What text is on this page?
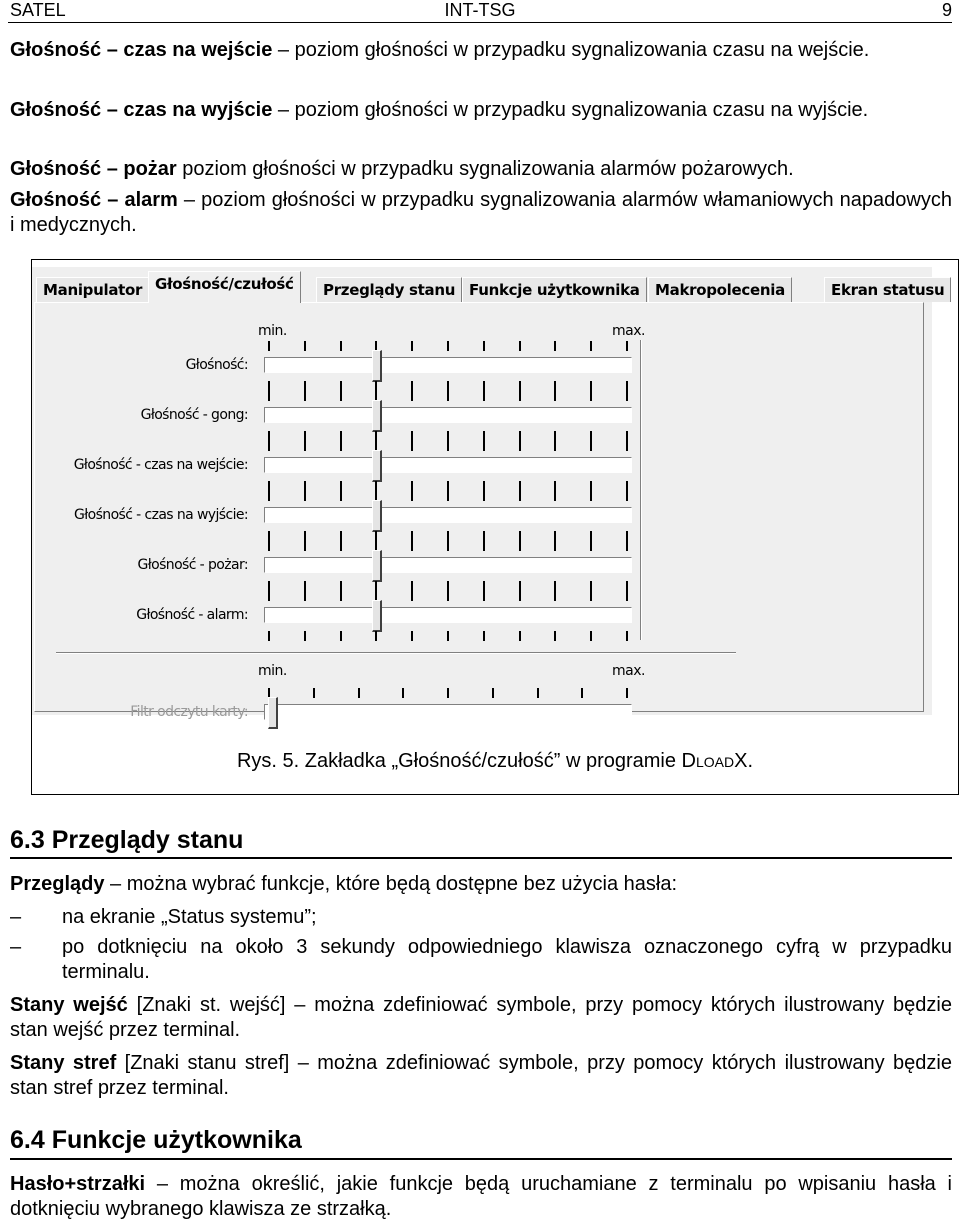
SATEL	INT-TSG	9
Głośność – czas na wejście – poziom głośności w przypadku sygnalizowania czasu na wejście.
Głośność – czas na wyjście – poziom głośności w przypadku sygnalizowania czasu na wyjście.
Głośność – pożar poziom głośności w przypadku sygnalizowania alarmów pożarowych.
Głośność – alarm – poziom głośności w przypadku sygnalizowania alarmów włamaniowych napadowych i medycznych.
Manipulator Głośność/czułość	Przeglądy stanu Funkcje użytkownika	Makropolecenia	Ekran statusu
min.	max.
Głośność:
Głośność - gong:
Głośność - czas na wejście:
Głośność - czas na wyjście:
Głośność - pożar:
Głośność - alarm:
min.	max.
Filtr odczytu karty:
Rys. 5. Zakładka „Głośność/czułość” w programie DloadX.
6.3 Przeglądy stanu
Przeglądy – można wybrać funkcje, które będą dostępne bez użycia hasła:
– na ekranie „Status systemu”;
– po dotknięciu na około 3 sekundy odpowiedniego klawisza oznaczonego cyfrą w przypadku terminalu.
Stany wejść [Znaki st. wejść] – można zdefiniować symbole, przy pomocy których ilustrowany będzie stan wejść przez terminal.
Stany stref [Znaki stanu stref] – można zdefiniować symbole, przy pomocy których ilustrowany będzie stan stref przez terminal.
6.4 Funkcje użytkownika
Hasło+strzałki – można określić, jakie funkcje będą uruchamiane z terminalu po wpisaniu hasła i dotknięciu wybranego klawisza ze strzałką.
